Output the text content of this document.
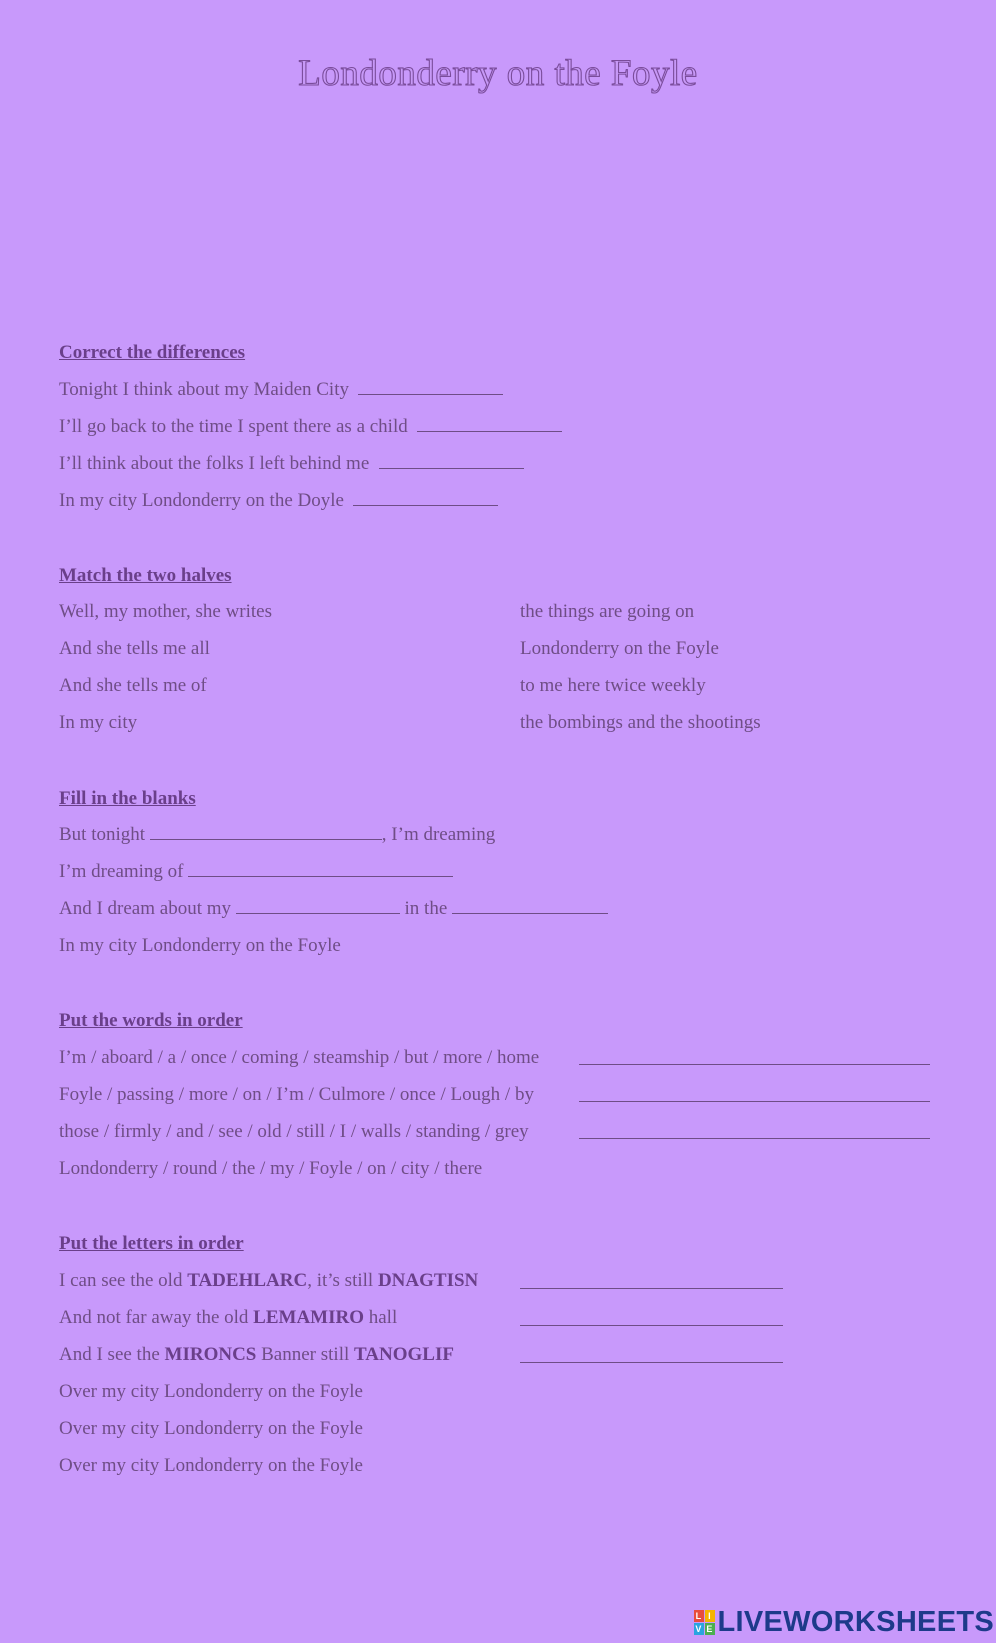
Londonderry on the Foyle
Correct the differences
Tonight I think about my Maiden City
I’ll go back to the time I spent there as a child
I’ll think about the folks I left behind me
In my city Londonderry on the Doyle
Match the two halves
Well, my mother, she writes
And she tells me all
And she tells me of
In my city
the things are going on
Londonderry on the Foyle
to me here twice weekly
the bombings and the shootings
Fill in the blanks
But tonight	, I’m dreaming
I’m dreaming of
And I dream about my	in the
In my city Londonderry on the Foyle
Put the words in order
I’m / aboard / a / once / coming / steamship / but / more / home
Foyle / passing / more / on / I’m / Culmore / once / Lough / by
those / firmly / and / see / old / still / I / walls / standing / grey
Londonderry / round / the / my / Foyle / on / city / there
Put the letters in order
I can see the old TADEHLARC, it’s still DNAGTISN
And not far away the old LEMAMIRO hall
And I see the MIRONCS Banner still TANOGLIF
Over my city Londonderry on the Foyle
Over my city Londonderry on the Foyle
Over my city Londonderry on the Foyle
L I
V E LIVEWORKSHEETS
